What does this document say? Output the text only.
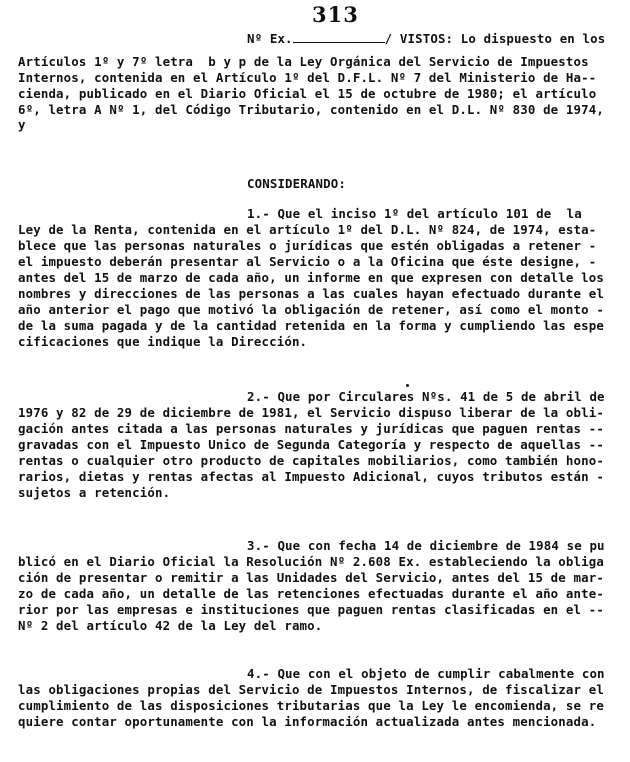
313
Nº Ex.	/ VISTOS: Lo dispuesto en los
Artículos 1º y 7º letra  b y p de la Ley Orgánica del Servicio de Impuestos
Internos, contenida en el Artículo 1º del D.F.L. Nº 7 del Ministerio de Ha--
cienda, publicado en el Diario Oficial el 15 de octubre de 1980; el artículo
6º, letra A Nº 1, del Código Tributario, contenido en el D.L. Nº 830 de 1974,
y
CONSIDERANDO:
1.- Que el inciso 1º del artículo 101 de  la
Ley de la Renta, contenida en el artículo 1º del D.L. Nº 824, de 1974, esta-
blece que las personas naturales o jurídicas que estén obligadas a retener -
el impuesto deberán presentar al Servicio o a la Oficina que éste designe, -
antes del 15 de marzo de cada año, un informe en que expresen con detalle los
nombres y direcciones de las personas a las cuales hayan efectuado durante el
año anterior el pago que motivó la obligación de retener, así como el monto -
de la suma pagada y de la cantidad retenida en la forma y cumpliendo las espe
cificaciones que indique la Dirección.
2.- Que por Circulares Nºs. 41 de 5 de abril de
1976 y 82 de 29 de diciembre de 1981, el Servicio dispuso liberar de la obli-
gación antes citada a las personas naturales y jurídicas que paguen rentas --
gravadas con el Impuesto Unico de Segunda Categoría y respecto de aquellas --
rentas o cualquier otro producto de capitales mobiliarios, como también hono-
rarios, dietas y rentas afectas al Impuesto Adicional, cuyos tributos están -
sujetos a retención.
3.- Que con fecha 14 de diciembre de 1984 se pu
blicó en el Diario Oficial la Resolución Nº 2.608 Ex. estableciendo la obliga
ción de presentar o remitir a las Unidades del Servicio, antes del 15 de mar-
zo de cada año, un detalle de las retenciones efectuadas durante el año ante-
rior por las empresas e instituciones que paguen rentas clasificadas en el --
Nº 2 del artículo 42 de la Ley del ramo.
4.- Que con el objeto de cumplir cabalmente con
las obligaciones propias del Servicio de Impuestos Internos, de fiscalizar el
cumplimiento de las disposiciones tributarias que la Ley le encomienda, se re
quiere contar oportunamente con la información actualizada antes mencionada.
